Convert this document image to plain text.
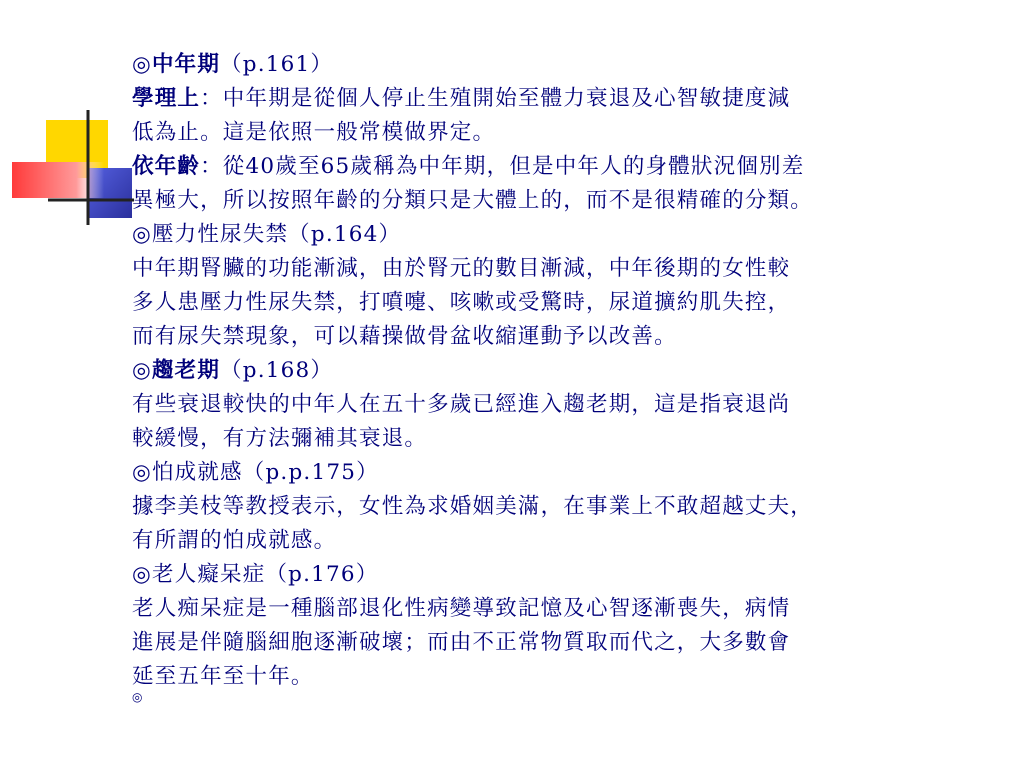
◎中年期（p.161）
學理上：中年期是從個人停止生殖開始至體力衰退及心智敏捷度減
低為止。這是依照一般常模做界定。
依年齡：從40歲至65歲稱為中年期，但是中年人的身體狀況個別差
異極大，所以按照年齡的分類只是大體上的，而不是很精確的分類。
◎壓力性尿失禁（p.164）
中年期腎臟的功能漸減，由於腎元的數目漸減，中年後期的女性較
多人患壓力性尿失禁，打噴嚏、咳嗽或受驚時，尿道擴約肌失控，
而有尿失禁現象，可以藉操做骨盆收縮運動予以改善。
◎趨老期（p.168）
有些衰退較快的中年人在五十多歲已經進入趨老期，這是指衰退尚
較緩慢，有方法彌補其衰退。
◎怕成就感（p.p.175）
據李美枝等教授表示，女性為求婚姻美滿，在事業上不敢超越丈夫，
有所謂的怕成就感。
◎老人癡呆症（p.176）
老人痴呆症是一種腦部退化性病變導致記憶及心智逐漸喪失，病情
進展是伴隨腦細胞逐漸破壞；而由不正常物質取而代之，大多數會
延至五年至十年。
◎
